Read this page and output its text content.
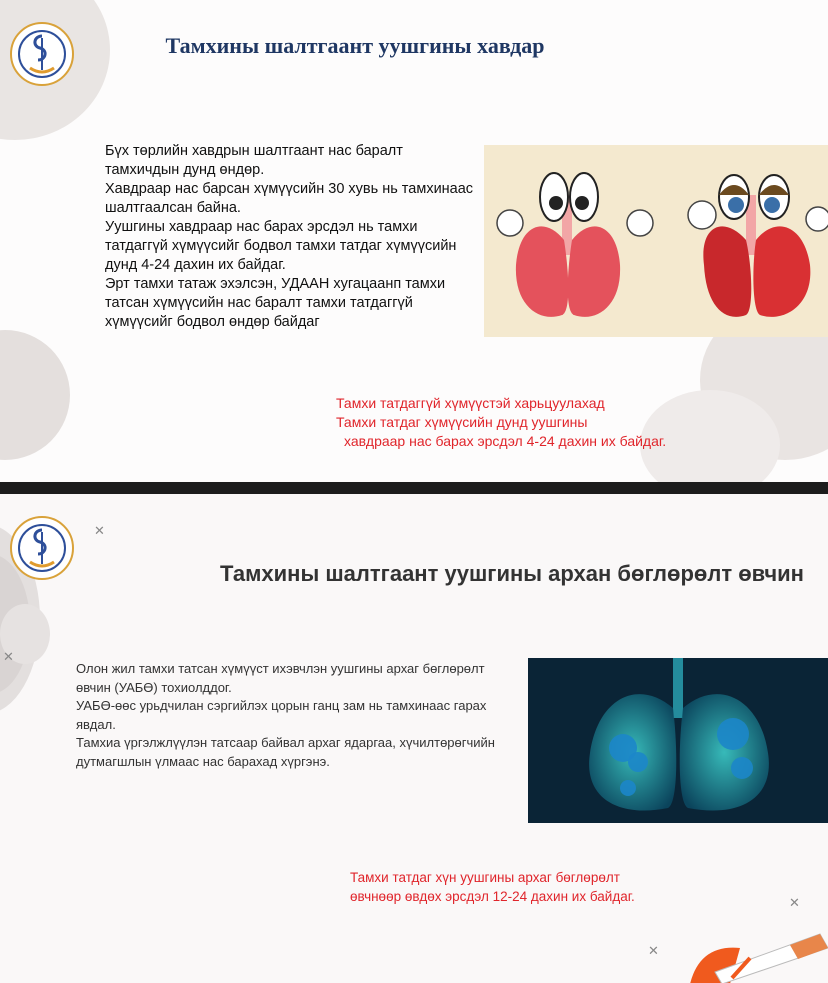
Тамхины шалтгаант уушгины хавдар

Бүх төрлийн хавдрын шалтгаант нас баралт тамхичдын дунд өндөр.

Хавдраар нас барсан хүмүүсийн 30 хувь нь тамхинаас шалтгаалсан байна.

Уушгины хавдраар нас барах эрсдэл нь тамхи татдаггүй хүмүүсийг бодвол тамхи татдаг хүмүүсийн дунд 4-24 дахин их байдаг.

Эрт тамхи татаж эхэлсэн, УДААН хугацаанп тамхи татсан хүмүүсийн нас баралт тамхи татдаггүй хүмүүсийг бодвол өндөр байдаг

Тамхи татдаггүй хүмүүстэй харьцуулахад

Тамхи татдаг хүмүүсийн дунд уушгины

хавдраар нас барах эрсдэл 4-24 дахин их байдаг.

✕
✕
✕
✕
Тамхины шалтгаант уушгины архан бөглөрөлт өвчин

Олон жил тамхи татсан хүмүүст ихэвчлэн уушгины архаг бөглөрөлт өвчин (УАБӨ) тохиолддог.

УАБӨ-өөс урьдчилан сэргийлэх цорын ганц зам нь тамхинаас гарах явдал.

Тамхиа үргэлжлүүлэн татсаар байвал архаг ядаргаа, хүчилтөрөгчийн дутмагшлын үлмаас нас барахад хүргэнэ.

Тамхи татдаг хүн уушгины архаг бөглөрөлт

өвчнөөр өвдөх эрсдэл 12-24 дахин их байдаг.
